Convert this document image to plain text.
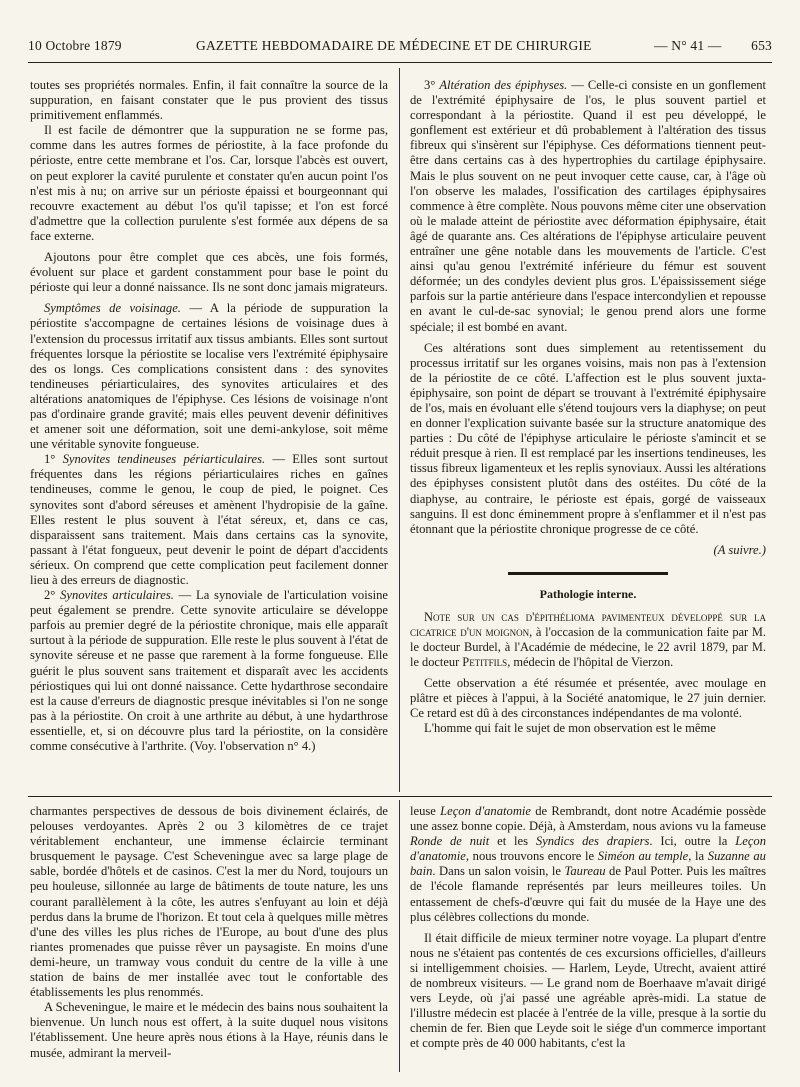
10 Octobre 1879	GAZETTE HEBDOMADAIRE DE MÉDECINE ET DE CHIRURGIE	— N° 41 — 653

toutes ses propriétés normales. Enfin, il fait connaître la source de la suppuration, en faisant constater que le pus provient des tissus primitivement enflammés.

Il est facile de démontrer que la suppuration ne se forme pas, comme dans les autres formes de périostite, à la face profonde du périoste, entre cette membrane et l'os. Car, lorsque l'abcès est ouvert, on peut explorer la cavité purulente et constater qu'en aucun point l'os n'est mis à nu; on arrive sur un périoste épaissi et bourgeonnant qui recouvre exactement au début l'os qu'il tapisse; et l'on est forcé d'admettre que la collection purulente s'est formée aux dépens de sa face externe.

Ajoutons pour être complet que ces abcès, une fois formés, évoluent sur place et gardent constamment pour base le point du périoste qui leur a donné naissance. Ils ne sont donc jamais migrateurs.

Symptômes de voisinage. — A la période de suppuration la périostite s'accompagne de certaines lésions de voisinage dues à l'extension du processus irritatif aux tissus ambiants. Elles sont surtout fréquentes lorsque la périostite se localise vers l'extrémité épiphysaire des os longs. Ces complications consistent dans : des synovites tendineuses périarticulaires, des synovites articulaires et des altérations anatomiques de l'épiphyse. Ces lésions de voisinage n'ont pas d'ordinaire grande gravité; mais elles peuvent devenir définitives et amener soit une déformation, soit une demi-ankylose, soit même une véritable synovite fongueuse.

1° Synovites tendineuses périarticulaires. — Elles sont surtout fréquentes dans les régions périarticulaires riches en gaînes tendineuses, comme le genou, le coup de pied, le poignet. Ces synovites sont d'abord séreuses et amènent l'hydropisie de la gaîne. Elles restent le plus souvent à l'état séreux, et, dans ce cas, disparaissent sans traitement. Mais dans certains cas la synovite, passant à l'état fongueux, peut devenir le point de départ d'accidents sérieux. On comprend que cette complication peut facilement donner lieu à des erreurs de diagnostic.

2° Synovites articulaires. — La synoviale de l'articulation voisine peut également se prendre. Cette synovite articulaire se développe parfois au premier degré de la périostite chronique, mais elle apparaît surtout à la période de suppuration. Elle reste le plus souvent à l'état de synovite séreuse et ne passe que rarement à la forme fongueuse. Elle guérit le plus souvent sans traitement et disparaît avec les accidents périostiques qui lui ont donné naissance. Cette hydarthrose secondaire est la cause d'erreurs de diagnostic presque inévitables si l'on ne songe pas à la périostite. On croit à une arthrite au début, à une hydarthrose essentielle, et, si on découvre plus tard la périostite, on la considère comme consécutive à l'arthrite. (Voy. l'observation n° 4.)

3° Altération des épiphyses. — Celle-ci consiste en un gonflement de l'extrémité épiphysaire de l'os, le plus souvent partiel et correspondant à la périostite. Quand il est peu développé, le gonflement est extérieur et dû probablement à l'altération des tissus fibreux qui s'insèrent sur l'épiphyse. Ces déformations tiennent peut-être dans certains cas à des hypertrophies du cartilage épiphysaire. Mais le plus souvent on ne peut invoquer cette cause, car, à l'âge où l'on observe les malades, l'ossification des cartilages épiphysaires commence à être complète. Nous pouvons même citer une observation où le malade atteint de périostite avec déformation épiphysaire, était âgé de quarante ans. Ces altérations de l'épiphyse articulaire peuvent entraîner une gêne notable dans les mouvements de l'article. C'est ainsi qu'au genou l'extrémité inférieure du fémur est souvent déformée; un des condyles devient plus gros. L'épaississement siége parfois sur la partie antérieure dans l'espace intercondylien et repousse en avant le cul-de-sac synovial; le genou prend alors une forme spéciale; il est bombé en avant.

Ces altérations sont dues simplement au retentissement du processus irritatif sur les organes voisins, mais non pas à l'extension de la périostite de ce côté. L'affection est le plus souvent juxta-épiphysaire, son point de départ se trouvant à l'extrémité épiphysaire de l'os, mais en évoluant elle s'étend toujours vers la diaphyse; on peut en donner l'explication suivante basée sur la structure anatomique des parties : Du côté de l'épiphyse articulaire le périoste s'amincit et se réduit presque à rien. Il est remplacé par les insertions tendineuses, les tissus fibreux ligamenteux et les replis synoviaux. Aussi les altérations des épiphyses consistent plutôt dans des ostéites. Du côté de la diaphyse, au contraire, le périoste est épais, gorgé de vaisseaux sanguins. Il est donc éminemment propre à s'enflammer et il n'est pas étonnant que la périostite chronique progresse de ce côté.

(A suivre.)
Pathologie interne.
Note sur un cas d'épithélioma pavimenteux développé sur la cicatrice d'un moignon, à l'occasion de la communication faite par M. le docteur Burdel, à l'Académie de médecine, le 22 avril 1879, par M. le docteur Petitfils, médecin de l'hôpital de Vierzon.

Cette observation a été résumée et présentée, avec moulage en plâtre et pièces à l'appui, à la Société anatomique, le 27 juin dernier. Ce retard est dû à des circonstances indépendantes de ma volonté.

L'homme qui fait le sujet de mon observation est le même

charmantes perspectives de dessous de bois divinement éclairés, de pelouses verdoyantes. Après 2 ou 3 kilomètres de ce trajet véritablement enchanteur, une immense éclaircie terminant brusquement le paysage. C'est Scheveningue avec sa large plage de sable, bordée d'hôtels et de casinos. C'est la mer du Nord, toujours un peu houleuse, sillonnée au large de bâtiments de toute nature, les uns courant parallèlement à la côte, les autres s'enfuyant au loin et déjà perdus dans la brume de l'horizon. Et tout cela à quelques mille mètres d'une des villes les plus riches de l'Europe, au bout d'une des plus riantes promenades que puisse rêver un paysagiste. En moins d'une demi-heure, un tramway vous conduit du centre de la ville à une station de bains de mer installée avec tout le confortable des établissements les plus renommés.

A Scheveningue, le maire et le médecin des bains nous souhaitent la bienvenue. Un lunch nous est offert, à la suite duquel nous visitons l'établissement. Une heure après nous étions à la Haye, réunis dans le musée, admirant la merveil-

leuse Leçon d'anatomie de Rembrandt, dont notre Académie possède une assez bonne copie. Déjà, à Amsterdam, nous avions vu la fameuse Ronde de nuit et les Syndics des drapiers. Ici, outre la Leçon d'anatomie, nous trouvons encore le Siméon au temple, la Suzanne au bain. Dans un salon voisin, le Taureau de Paul Potter. Puis les maîtres de l'école flamande représentés par leurs meilleures toiles. Un entassement de chefs-d'œuvre qui fait du musée de la Haye une des plus célèbres collections du monde.

Il était difficile de mieux terminer notre voyage. La plupart d'entre nous ne s'étaient pas contentés de ces excursions officielles, d'ailleurs si intelligemment choisies. — Harlem, Leyde, Utrecht, avaient attiré de nombreux visiteurs. — Le grand nom de Boerhaave m'avait dirigé vers Leyde, où j'ai passé une agréable après-midi. La statue de l'illustre médecin est placée à l'entrée de la ville, presque à la sortie du chemin de fer. Bien que Leyde soit le siége d'un commerce important et compte près de 40 000 habitants, c'est la
